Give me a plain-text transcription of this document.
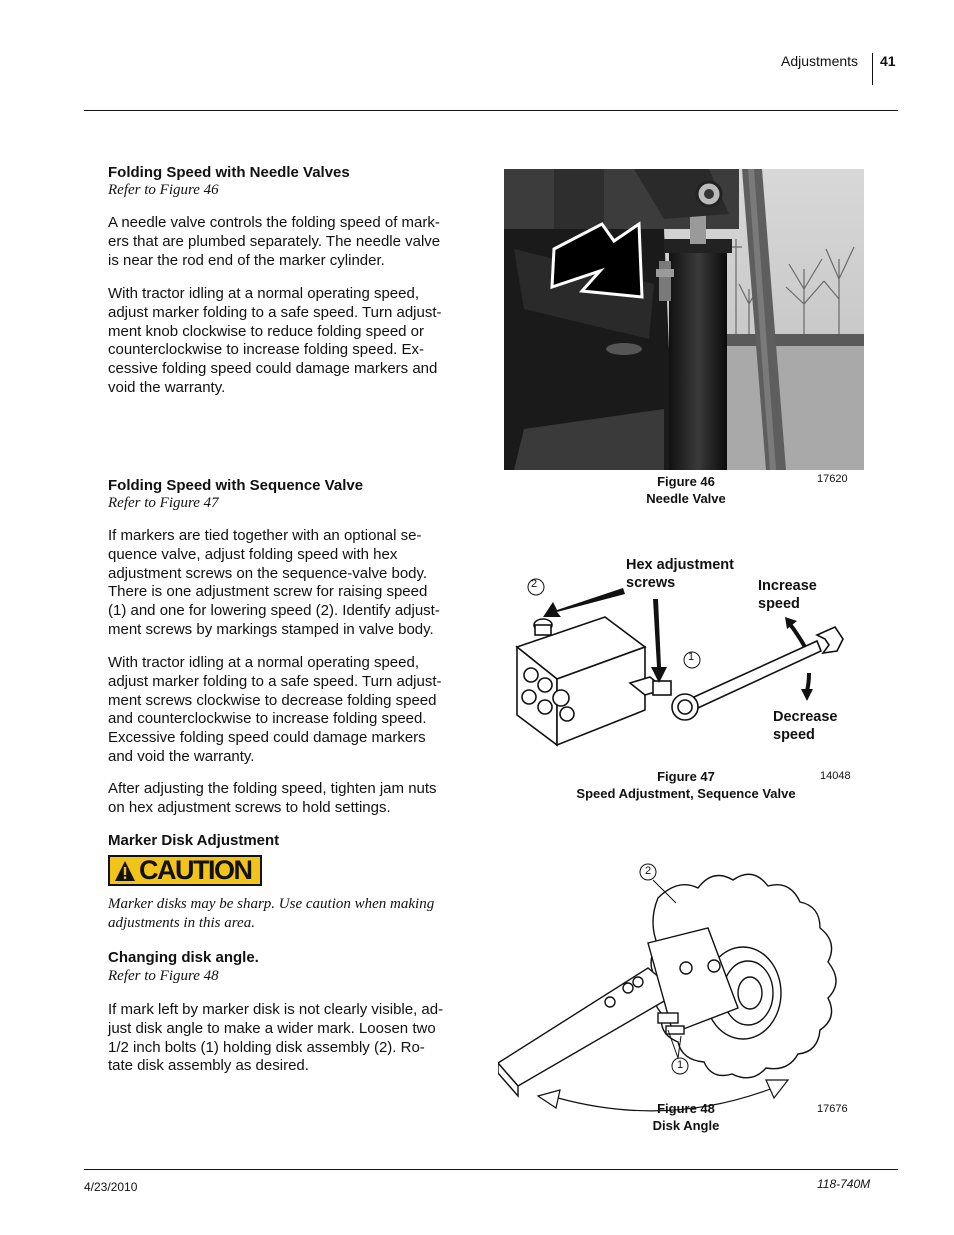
Adjustments 41
Folding Speed with Needle Valves
Refer to Figure 46
A needle valve controls the folding speed of mark-
ers that are plumbed separately. The needle valve
is near the rod end of the marker cylinder.
With tractor idling at a normal operating speed,
adjust marker folding to a safe speed. Turn adjust-
ment knob clockwise to reduce folding speed or
counterclockwise to increase folding speed. Ex-
cessive folding speed could damage markers and
void the warranty.
Folding Speed with Sequence Valve
Refer to Figure 47
If markers are tied together with an optional se-
quence valve, adjust folding speed with hex
adjustment screws on the sequence-valve body.
There is one adjustment screw for raising speed
(1) and one for lowering speed (2). Identify adjust-
ment screws by markings stamped in valve body.
With tractor idling at a normal operating speed,
adjust marker folding to a safe speed. Turn adjust-
ment screws clockwise to decrease folding speed
and counterclockwise to increase folding speed.
Excessive folding speed could damage markers
and void the warranty.
After adjusting the folding speed, tighten jam nuts
on hex adjustment screws to hold settings.
Marker Disk Adjustment
CAUTION
Marker disks may be sharp. Use caution when making
adjustments in this area.
Changing disk angle.
Refer to Figure 48
If mark left by marker disk is not clearly visible, ad-
just disk angle to make a wider mark. Loosen two
1/2 inch bolts (1) holding disk assembly (2). Ro-
tate disk assembly as desired.
Figure 46
Needle Valve
17620
2
1
Hex adjustment
screws	Increase
speed
Decrease
speed
Figure 47
Speed Adjustment, Sequence Valve
14048
2
1
Figure 48
Disk Angle
17676
4/23/2010	118-740M
